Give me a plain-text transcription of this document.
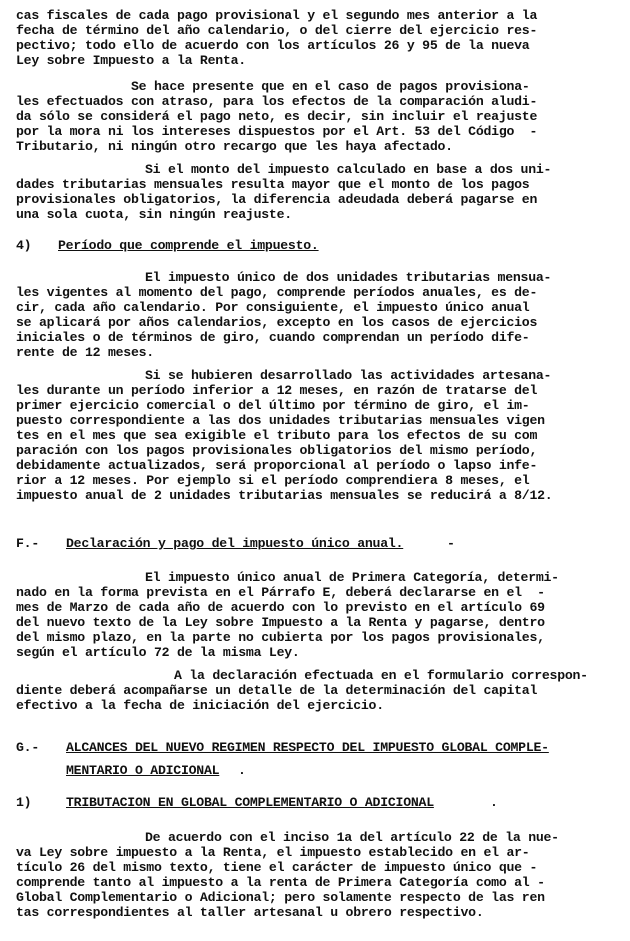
cas fiscales de cada pago provisional y el segundo mes anterior a la
fecha de término del año calendario, o del cierre del ejercicio res-
pectivo; todo ello de acuerdo con los artículos 26 y 95 de la nueva
Ley sobre Impuesto a la Renta.
Se hace presente que en el caso de pagos provisiona-
les efectuados con atraso, para los efectos de la comparación aludi-
da sólo se considerá el pago neto, es decir, sin incluir el reajuste
por la mora ni los intereses dispuestos por el Art. 53 del Código  -
Tributario, ni ningún otro recargo que les haya afectado.
Si el monto del impuesto calculado en base a dos uni-
dades tributarias mensuales resulta mayor que el monto de los pagos
provisionales obligatorios, la diferencia adeudada deberá pagarse en
una sola cuota, sin ningún reajuste.
4) Período que comprende el impuesto.
El impuesto único de dos unidades tributarias mensua-
les vigentes al momento del pago, comprende períodos anuales, es de-
cir, cada año calendario. Por consiguiente, el impuesto único anual
se aplicará por años calendarios, excepto en los casos de ejercicios
iniciales o de términos de giro, cuando comprendan un período dife-
rente de 12 meses.
Si se hubieren desarrollado las actividades artesana-
les durante un período inferior a 12 meses, en razón de tratarse del
primer ejercicio comercial o del último por término de giro, el im-
puesto correspondiente a las dos unidades tributarias mensuales vigen
tes en el mes que sea exigible el tributo para los efectos de su com
paración con los pagos provisionales obligatorios del mismo período,
debidamente actualizados, será proporcional al período o lapso infe-
rior a 12 meses. Por ejemplo si el período comprendiera 8 meses, el
impuesto anual de 2 unidades tributarias mensuales se reducirá a 8/12.
F.- Declaración y pago del impuesto único anual.	-
El impuesto único anual de Primera Categoría, determi-
nado en la forma prevista en el Párrafo E, deberá declararse en el  -
mes de Marzo de cada año de acuerdo con lo previsto en el artículo 69
del nuevo texto de la Ley sobre Impuesto a la Renta y pagarse, dentro
del mismo plazo, en la parte no cubierta por los pagos provisionales,
según el artículo 72 de la misma Ley.
A la declaración efectuada en el formulario correspon-
diente deberá acompañarse un detalle de la determinación del capital
efectivo a la fecha de iniciación del ejercicio.
G.- ALCANCES DEL NUEVO REGIMEN RESPECTO DEL IMPUESTO GLOBAL COMPLE-
MENTARIO O ADICIONAL .
1)	TRIBUTACION EN GLOBAL COMPLEMENTARIO O ADICIONAL	.
De acuerdo con el inciso 1a del artículo 22 de la nue-
va Ley sobre impuesto a la Renta, el impuesto establecido en el ar-
tículo 26 del mismo texto, tiene el carácter de impuesto único que -
comprende tanto al impuesto a la renta de Primera Categoría como al -
Global Complementario o Adicional; pero solamente respecto de las ren
tas correspondientes al taller artesanal u obrero respectivo.
